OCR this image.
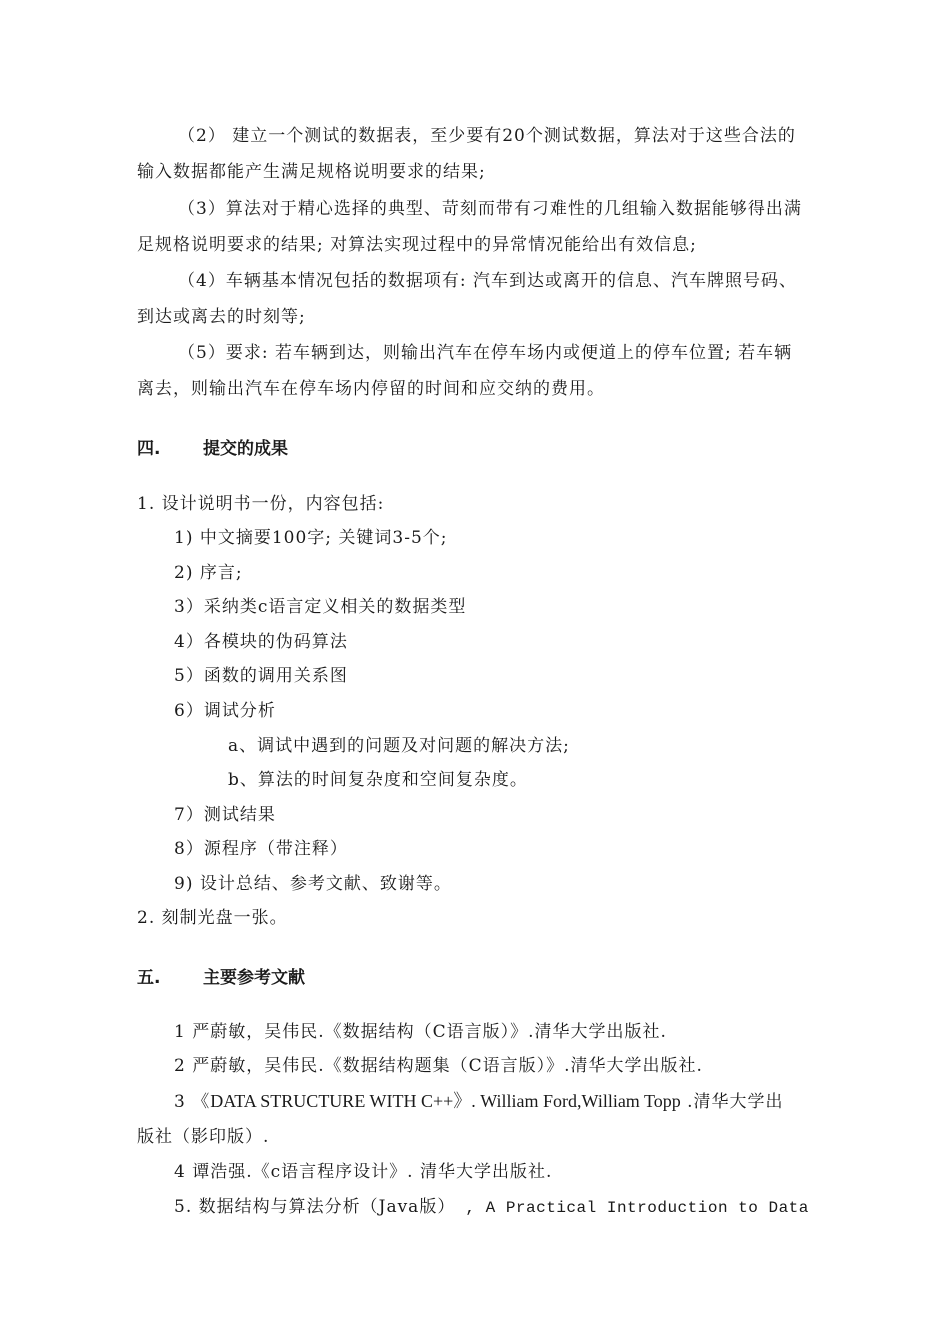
（2） 建立一个测试的数据表，至少要有20个测试数据，算法对于这些合法的
输入数据都能产生满足规格说明要求的结果;
（3）算法对于精心选择的典型、苛刻而带有刁难性的几组输入数据能够得出满
足规格说明要求的结果; 对算法实现过程中的异常情况能给出有效信息;
（4）车辆基本情况包括的数据项有: 汽车到达或离开的信息、汽车牌照号码、
到达或离去的时刻等;
（5）要求: 若车辆到达，则输出汽车在停车场内或便道上的停车位置; 若车辆
离去，则输出汽车在停车场内停留的时间和应交纳的费用。
四.	提交的成果
1. 设计说明书一份，内容包括:
1) 中文摘要100字; 关键词3-5个;
2) 序言;
3）采纳类c语言定义相关的数据类型
4）各模块的伪码算法
5）函数的调用关系图
6）调试分析
a、调试中遇到的问题及对问题的解决方法;
b、算法的时间复杂度和空间复杂度。
7）测试结果
8）源程序（带注释）
9) 设计总结、参考文献、致谢等。
2. 刻制光盘一张。
五.	主要参考文献
1 严蔚敏，吴伟民.《数据结构（C语言版）》.清华大学出版社.
2 严蔚敏，吴伟民.《数据结构题集（C语言版）》.清华大学出版社.
3 《DATA STRUCTURE WITH C++》. William Ford,William Topp .清华大学出
版社（影印版）.
4 谭浩强.《c语言程序设计》. 清华大学出版社.
5. 数据结构与算法分析（Java版） , A Practical Introduction to Data
